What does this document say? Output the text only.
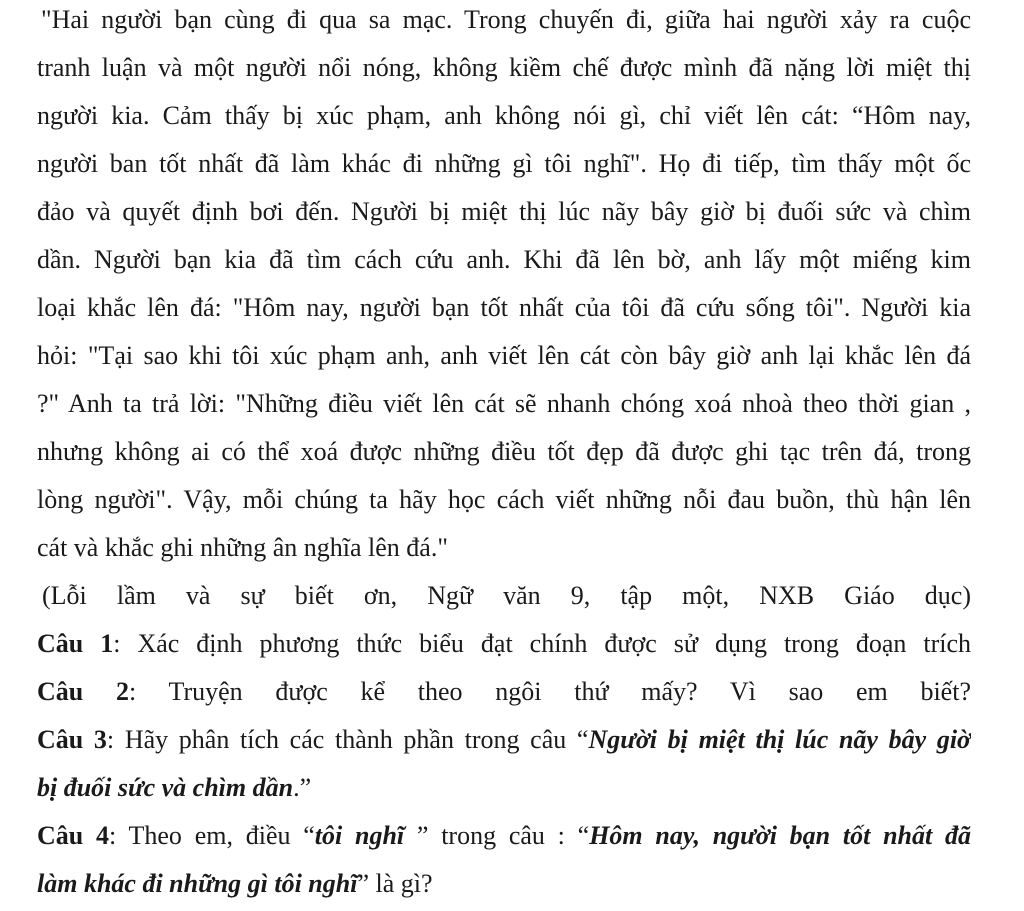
"Hai người bạn cùng đi qua sa mạc. Trong chuyến đi, giữa hai người xảy ra cuộc
tranh luận và một người nổi nóng, không kiềm chế được mình đã nặng lời miệt thị
người kia. Cảm thấy bị xúc phạm, anh không nói gì, chỉ viết lên cát: “Hôm nay,
người ban tốt nhất đã làm khác đi những gì tôi nghĩ". Họ đi tiếp, tìm thấy một ốc
đảo và quyết định bơi đến. Người bị miệt thị lúc nãy bây giờ bị đuối sức và chìm
dần. Người bạn kia đã tìm cách cứu anh. Khi đã lên bờ, anh lấy một miếng kim
loại khắc lên đá: "Hôm nay, người bạn tốt nhất của tôi đã cứu sống tôi". Người kia
hỏi: "Tại sao khi tôi xúc phạm anh, anh viết lên cát còn bây giờ anh lại khắc lên đá
?" Anh ta trả lời: "Những điều viết lên cát sẽ nhanh chóng xoá nhoà theo thời gian ,
nhưng không ai có thể xoá được những điều tốt đẹp đã được ghi tạc trên đá, trong
lòng người". Vậy, mỗi chúng ta hãy học cách viết những nỗi đau buồn, thù hận lên
cát và khắc ghi những ân nghĩa lên đá."
(Lỗi lầm và sự biết ơn, Ngữ văn 9, tập một, NXB Giáo dục)
Câu 1: Xác định phương thức biểu đạt chính được sử dụng trong đoạn trích
Câu 2: Truyện được kể theo ngôi thứ mấy? Vì sao em biết?
Câu 3: Hãy phân tích các thành phần trong câu “Người bị miệt thị lúc nãy bây giờ
bị đuối sức và chìm dần.”
Câu 4: Theo em, điều “tôi nghĩ ” trong câu : “Hôm nay, người bạn tốt nhất đã
làm khác đi những gì tôi nghĩ” là gì?
